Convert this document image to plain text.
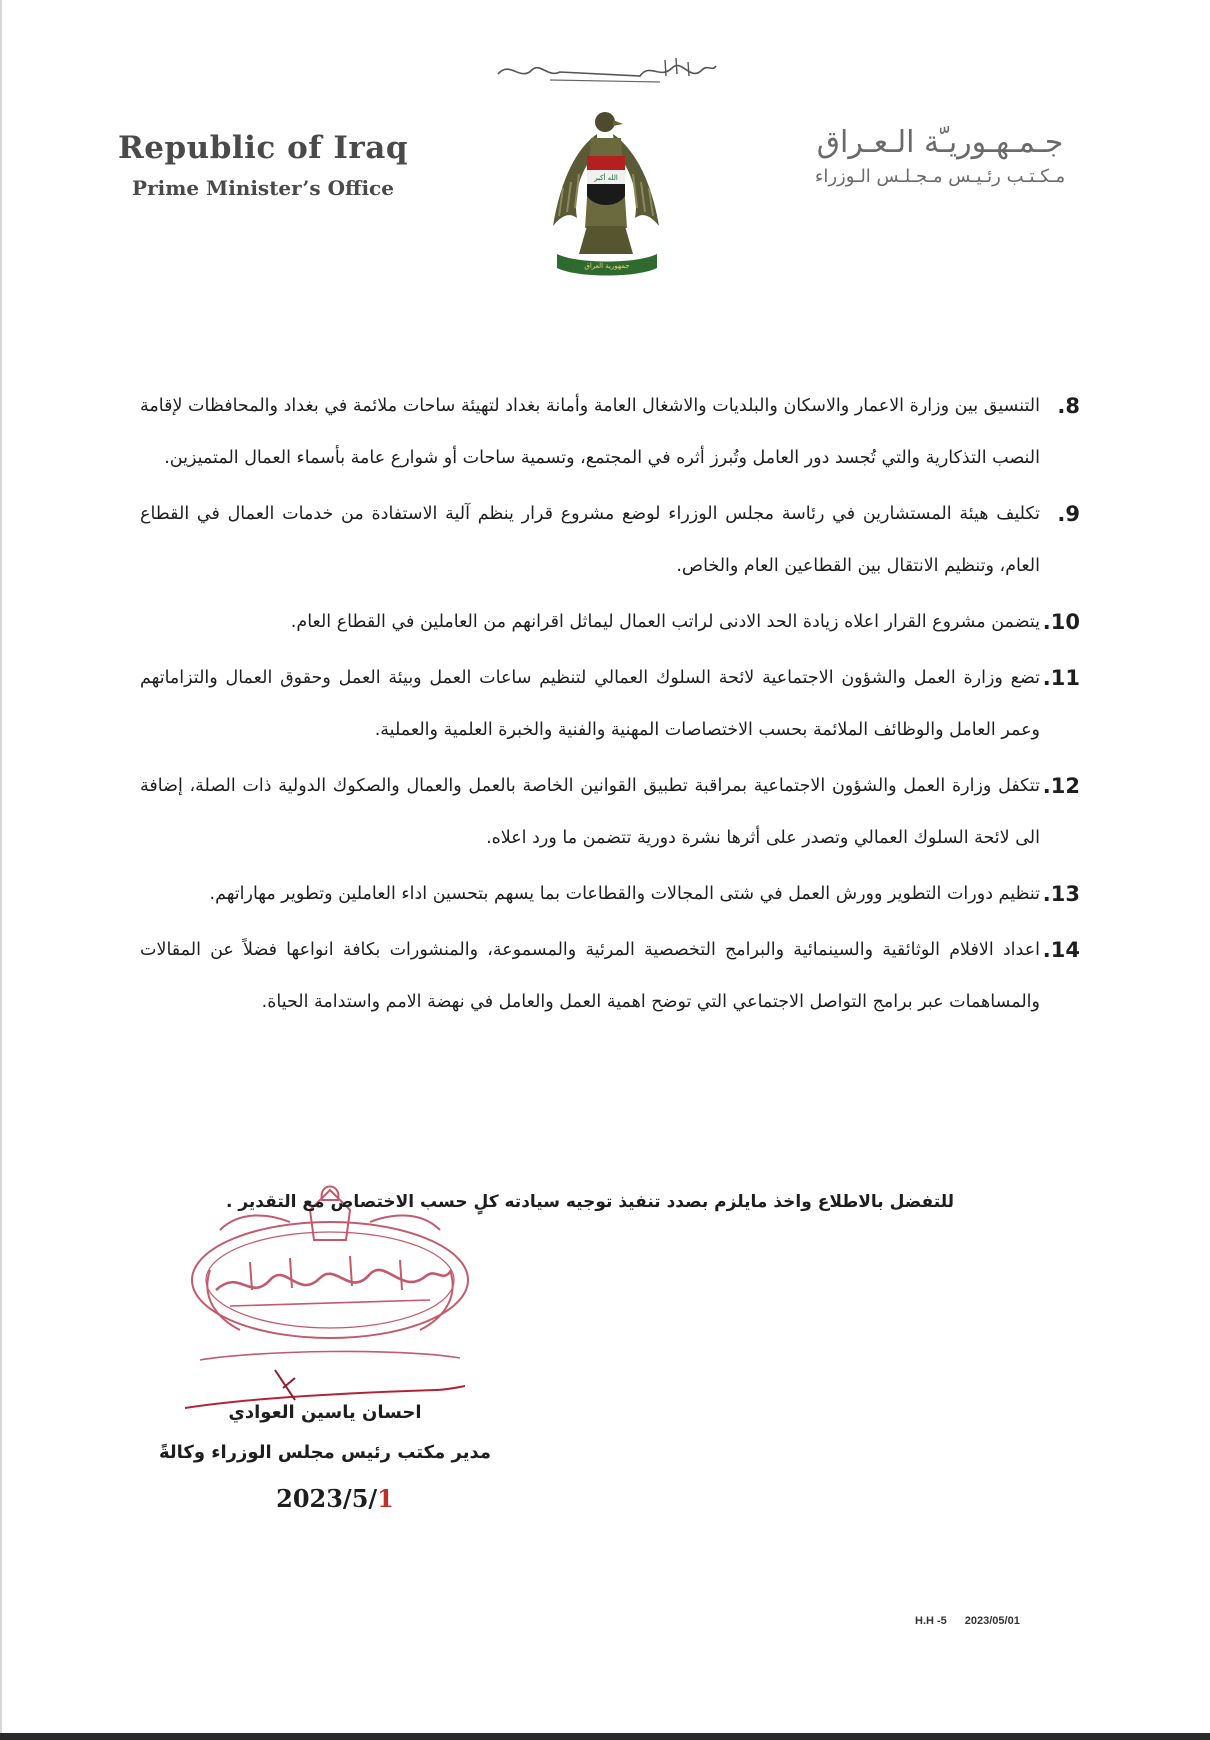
Republic of Iraq
Prime Minister’s Office
جـمـهـوريـّة الـعـراق
مـكـتـب رئـيـس مـجـلـس الـوزراء
الله أكبر
جمهورية العراق
8.
التنسيق بين وزارة الاعمار والاسكان والبلديات والاشغال العامة وأمانة بغداد لتهيئة ساحات ملائمة في بغداد والمحافظات لإقامة النصب التذكارية والتي تُجسد دور العامل وتُبرز أثره في المجتمع، وتسمية ساحات أو شوارع عامة بأسماء العمال المتميزين.
9.
تكليف هيئة المستشارين في رئاسة مجلس الوزراء لوضع مشروع قرار ينظم آلية الاستفادة من خدمات العمال في القطاع العام، وتنظيم الانتقال بين القطاعين العام والخاص.
10.
يتضمن مشروع القرار اعلاه زيادة الحد الادنى لراتب العمال ليماثل اقرانهم من العاملين في القطاع العام.
11.
تضع وزارة العمل والشؤون الاجتماعية لائحة السلوك العمالي لتنظيم ساعات العمل وبيئة العمل وحقوق العمال والتزاماتهم وعمر العامل والوظائف الملائمة بحسب الاختصاصات المهنية والفنية والخبرة العلمية والعملية.
12.
تتكفل وزارة العمل والشؤون الاجتماعية بمراقبة تطبيق القوانين الخاصة بالعمل والعمال والصكوك الدولية ذات الصلة، إضافة الى لائحة السلوك العمالي وتصدر على أثرها نشرة دورية تتضمن ما ورد اعلاه.
13.
تنظيم دورات التطوير وورش العمل في شتى المجالات والقطاعات بما يسهم بتحسين اداء العاملين وتطوير مهاراتهم.
14.
اعداد الافلام الوثائقية والسينمائية والبرامج التخصصية المرئية والمسموعة، والمنشورات بكافة انواعها فضلاً عن المقالات والمساهمات عبر برامج التواصل الاجتماعي التي توضح اهمية العمل والعامل في نهضة الامم واستدامة الحياة.
للتفضل بالاطلاع واخذ مايلزم بصدد تنفيذ توجيه سيادته كلٍ حسب الاختصاص مع التقدير .
احسان ياسين العوادي
مدير مكتب رئيس مجلس الوزراء وكالةً
2023/5/1
H.H -5 2023/05/01
